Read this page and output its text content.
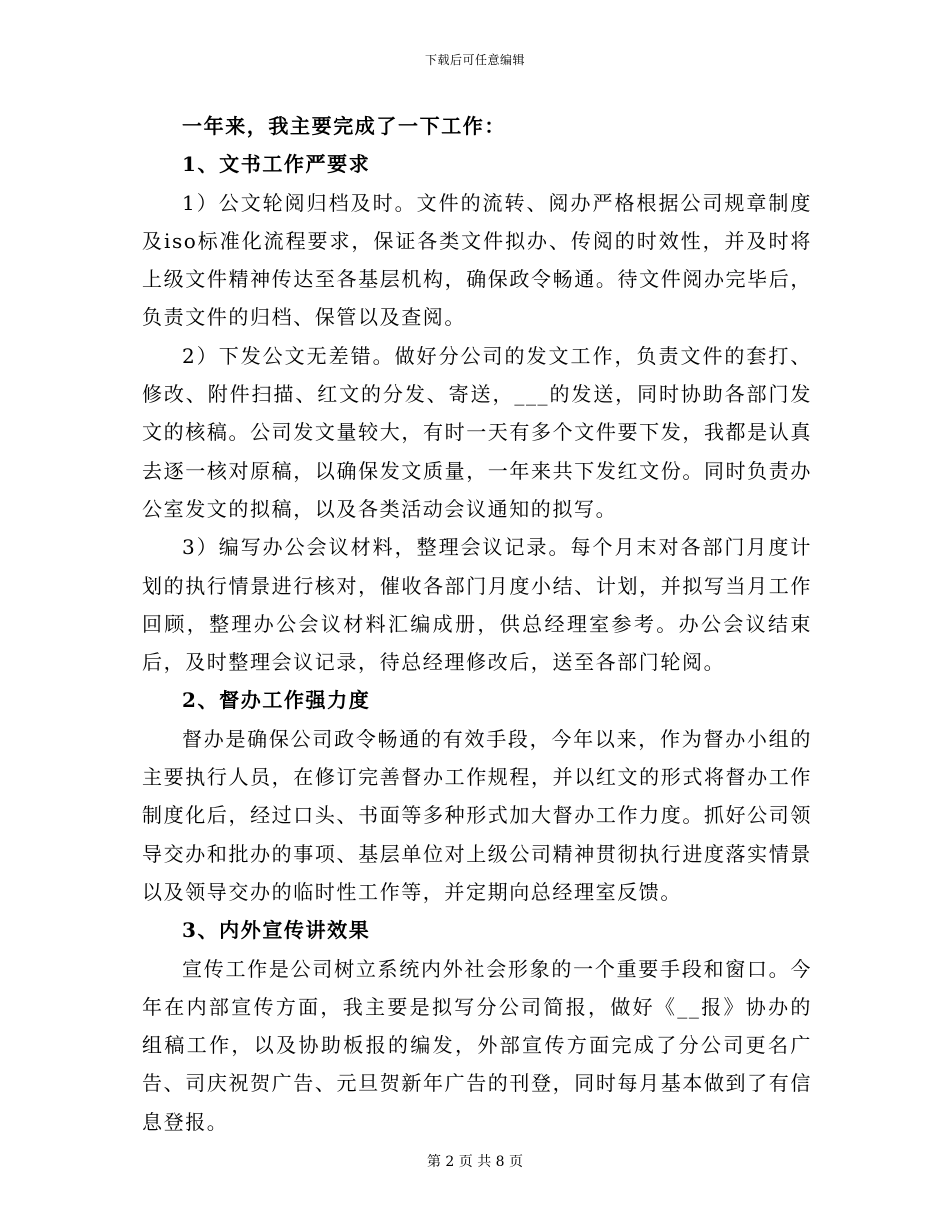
下载后可任意编辑

一年来，我主要完成了一下工作：

1、文书工作严要求

1）公文轮阅归档及时。文件的流转、阅办严格根据公司规章制度及iso标准化流程要求，保证各类文件拟办、传阅的时效性，并及时将上级文件精神传达至各基层机构，确保政令畅通。待文件阅办完毕后，负责文件的归档、保管以及查阅。

2）下发公文无差错。做好分公司的发文工作，负责文件的套打、修改、附件扫描、红文的分发、寄送，___的发送，同时协助各部门发文的核稿。公司发文量较大，有时一天有多个文件要下发，我都是认真去逐一核对原稿，以确保发文质量，一年来共下发红文份。同时负责办公室发文的拟稿，以及各类活动会议通知的拟写。

3）编写办公会议材料，整理会议记录。每个月末对各部门月度计划的执行情景进行核对，催收各部门月度小结、计划，并拟写当月工作回顾，整理办公会议材料汇编成册，供总经理室参考。办公会议结束后，及时整理会议记录，待总经理修改后，送至各部门轮阅。

2、督办工作强力度

督办是确保公司政令畅通的有效手段，今年以来，作为督办小组的主要执行人员，在修订完善督办工作规程，并以红文的形式将督办工作制度化后，经过口头、书面等多种形式加大督办工作力度。抓好公司领导交办和批办的事项、基层单位对上级公司精神贯彻执行进度落实情景以及领导交办的临时性工作等，并定期向总经理室反馈。

3、内外宣传讲效果

宣传工作是公司树立系统内外社会形象的一个重要手段和窗口。今年在内部宣传方面，我主要是拟写分公司简报，做好《__报》协办的组稿工作，以及协助板报的编发，外部宣传方面完成了分公司更名广告、司庆祝贺广告、元旦贺新年广告的刊登，同时每月基本做到了有信息登报。

第 2 页 共 8 页
